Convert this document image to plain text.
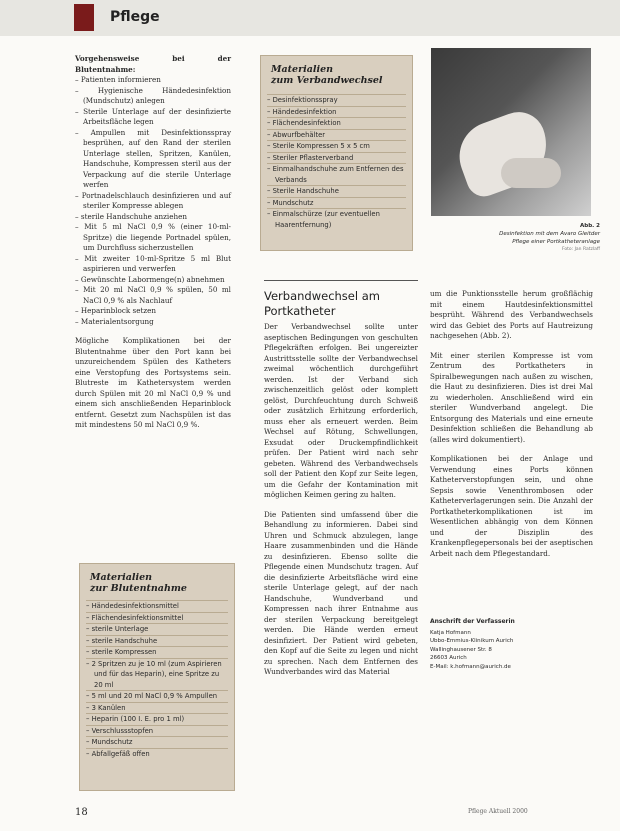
Pflege
Vorgehensweise bei der Blutentnahme:
– Patienten informieren
– Hygienische Händedesinfektion (Mundschutz) anlegen
– Sterile Unterlage auf der desinfizierte Arbeitsfläche legen
– Ampullen mit Desinfektionsspray besprühen, auf den Rand der sterilen Unterlage stellen, Spritzen, Kanülen, Handschuhe, Kompressen steril aus der Verpackung auf die sterile Unterlage werfen
– Portnadelschlauch desinfizieren und auf steriler Kompresse ablegen
– sterile Handschuhe anziehen
– Mit 5 ml NaCl 0,9 % (einer 10-ml-Spritze) die liegende Portnadel spülen, um Durchfluss sicherzustellen
– Mit zweiter 10-ml-Spritze 5 ml Blut aspirieren und verwerfen
– Gewünschte Labormenge(n) abnehmen
– Mit 20 ml NaCl 0,9 % spülen, 50 ml NaCl 0,9 % als Nachlauf
– Heparinblock setzen
– Materialentsorgung

Mögliche Komplikationen bei der Blutentnahme über den Port kann bei unzureichendem Spülen des Katheters eine Verstopfung des Portsystems sein. Blutreste im Kathetersystem werden durch Spülen mit 20 ml NaCl 0,9 % und einem sich anschließenden Heparinblock entfernt. Gesetzt zum Nachspülen ist das mit mindestens 50 ml NaCl 0,9 %.

Materialien
zur Blutentnahme
– Händedesinfektionsmittel
– Flächendesinfektionsmittel
– sterile Unterlage
– sterile Handschuhe
– sterile Kompressen
– 2 Spritzen zu je 10 ml (zum Aspirieren und für das Heparin), eine Spritze zu 20 ml
– 5 ml und 20 ml NaCl 0,9 % Ampullen
– 3 Kanülen
– Heparin (100 I. E. pro 1 ml)
– Verschlussstopfen
– Mundschutz
– Abfallgefäß offen
Materialien
zum Verbandwechsel
– Desinfektionsspray
– Händedesinfektion
– Flächendesinfektion
– Abwurfbehälter
– Sterile Kompressen 5 x 5 cm
– Steriler Pflasterverband
– Einmalhandschuhe zum Entfernen des Verbands
– Sterile Handschuhe
– Mundschutz
– Einmalschürze (zur eventuellen Haarentfernung)	Abb. 2
Desinfektion mit dem Avaro Gleitder
Pflege einer Portkatheteranlage
Foto: Jan Ratzlaff
Verbandwechsel am
Portkatheter

Der Verbandwechsel sollte unter aseptischen Bedingungen von geschulten Pflegekräften erfolgen. Bei ungereizter Austrittsstelle sollte der Verbandwechsel zweimal wöchentlich durchgeführt werden. Ist der Verband sich zwischenzeitlich gelöst oder komplett gelöst, Durchfeuchtung durch Schweiß oder zusätzlich Erhitzung erforderlich, muss eher als erneuert werden. Beim Wechsel auf Rötung, Schwellungen, Exsudat oder Druckempfindlichkeit prüfen. Der Patient wird nach sehr gebeten. Während des Verbandwechsels soll der Patient den Kopf zur Seite legen, um die Gefahr der Kontamination mit möglichen Keimen gering zu halten.

Die Patienten sind umfassend über die Behandlung zu informieren. Dabei sind Uhren und Schmuck abzulegen, lange Haare zusammenbinden und die Hände zu desinfizieren. Ebenso sollte die Pflegende einen Mundschutz tragen. Auf die desinfizierte Arbeitsfläche wird eine sterile Unterlage gelegt, auf der nach Handschuhe, Wundverband und Kompressen nach ihrer Entnahme aus der sterilen Verpackung bereitgelegt werden. Die Hände werden erneut desinfiziert. Der Patient wird gebeten, den Kopf auf die Seite zu legen und nicht zu sprechen. Nach dem Entfernen des Wundverbandes wird das Material

um die Punktionsstelle herum großflächig mit einem Hautdesinfektionsmittel besprüht. Während des Verbandwechsels wird das Gebiet des Ports auf Hautreizung nachgesehen (Abb. 2).

Mit einer sterilen Kompresse ist vom Zentrum des Portkatheters in Spiralbewegungen nach außen zu wischen, die Haut zu desinfizieren. Dies ist drei Mal zu wiederholen. Anschließend wird ein steriler Wundverband angelegt. Die Entsorgung des Materials und eine erneute Desinfektion schließen die Behandlung ab (alles wird dokumentiert).

Komplikationen bei der Anlage und Verwendung eines Ports können Katheterverstopfungen sein, und ohne Sepsis sowie Venenthrombosen oder Katheterverlagerungen sein. Die Anzahl der Portkatheterkomplikationen ist im Wesentlichen abhängig von dem Können und der Disziplin des Krankenpflegepersonals bei der aseptischen Arbeit nach dem Pflegestandard.

Anschrift der Verfasserin
Katja Hofmann
Ubbo-Emmius-Klinikum Aurich
Wallinghausener Str. 8
26603 Aurich
E-Mail: k.hofmann@aurich.de
18	Pflege Aktuell 2000
